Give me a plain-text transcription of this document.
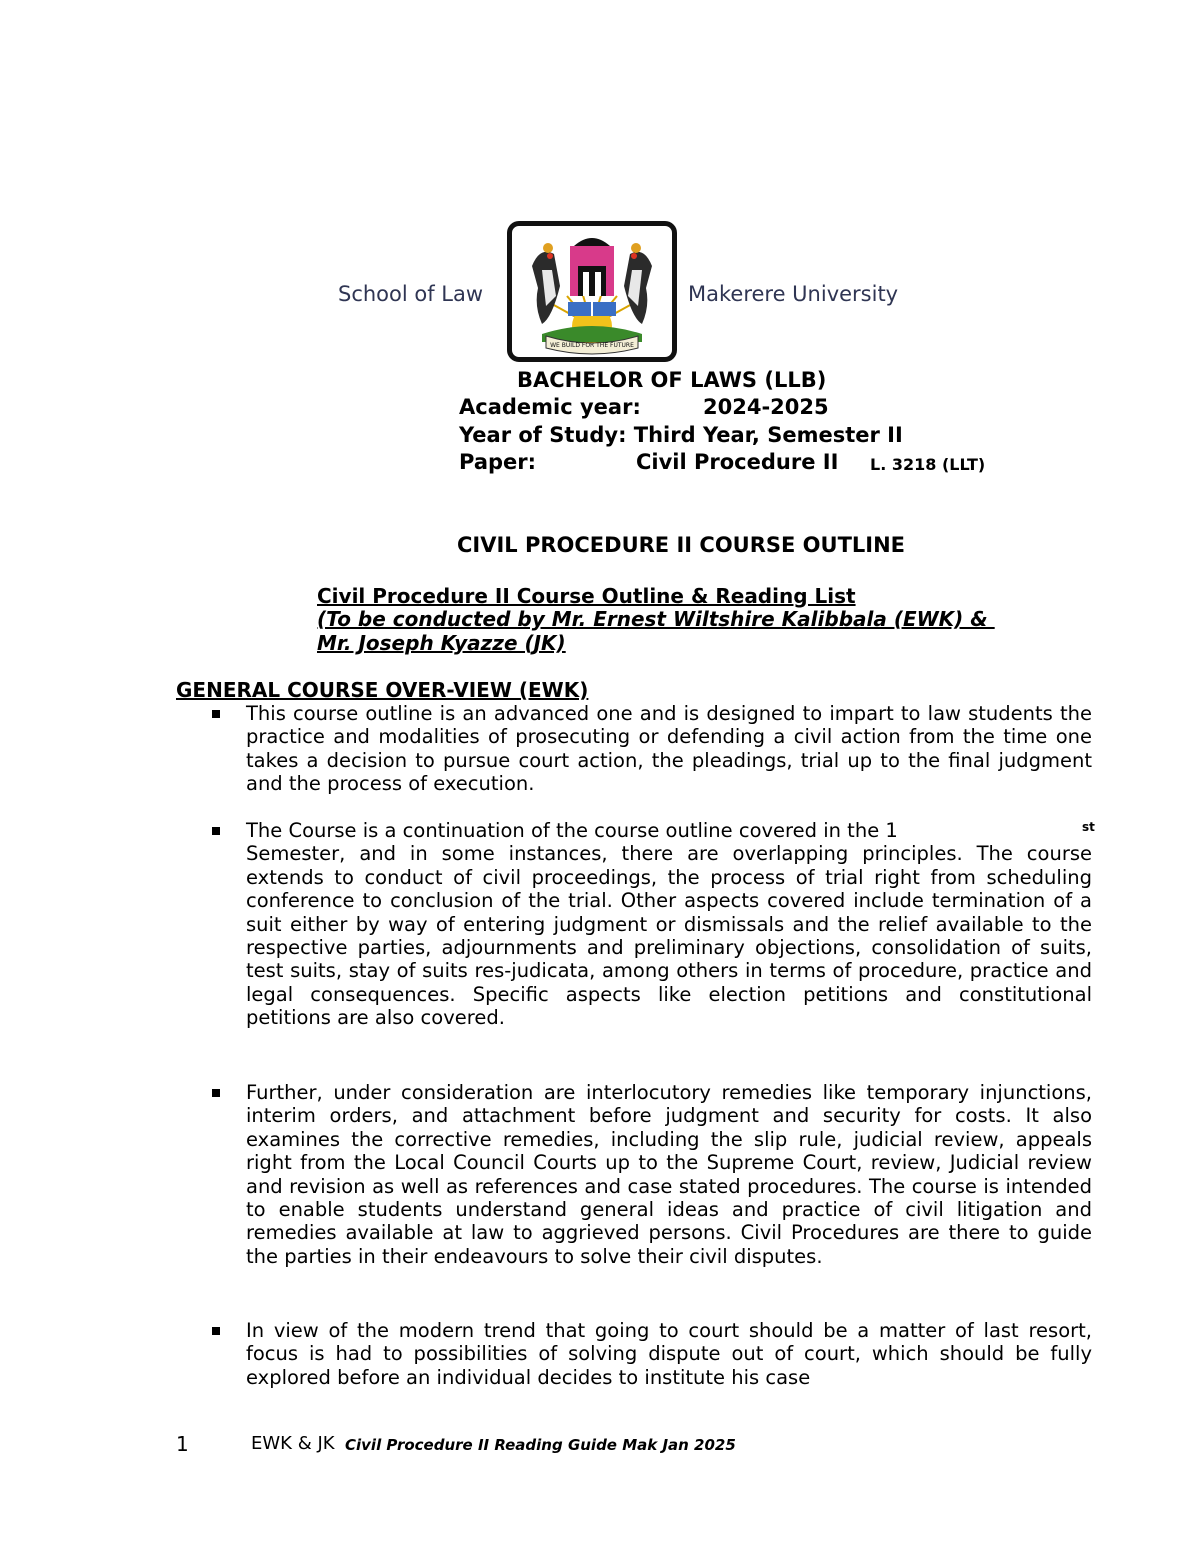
School of Law
WE BUILD FOR THE FUTURE
Makerere University
BACHELOR OF LAWS (LLB)
Academic year:	2024-2025
Year of Study: Third Year, Semester II
Paper:	Civil Procedure II L. 3218 (LLT)
CIVIL PROCEDURE II COURSE OUTLINE
Civil Procedure II Course Outline & Reading List
(To be conducted by Mr. Ernest Wiltshire Kalibbala (EWK) &
Mr. Joseph Kyazze (JK)
GENERAL COURSE OVER-VIEW (EWK)
This course outline is an advanced one and is designed to impart to law students the practice and modalities of prosecuting or defending a civil action from the time one takes a decision to pursue court action, the pleadings, trial up to the final judgment and the process of execution.
The Course is a continuation of the course outline covered in the 1
Semester, and in some instances, there are overlapping principles. The course extends to conduct of civil proceedings, the process of trial right from scheduling conference to conclusion of the trial. Other aspects covered include termination of a suit either by way of entering judgment or dismissals and the relief available to the respective parties, adjournments and preliminary objections, consolidation of suits, test suits, stay of suits res-judicata, among others in terms of procedure, practice and legal consequences. Specific aspects like election petitions and constitutional petitions are also covered.
st
Further, under consideration are interlocutory remedies like temporary injunctions, interim orders, and attachment before judgment and security for costs. It also examines the corrective remedies, including the slip rule, judicial review, appeals right from the Local Council Courts up to the Supreme Court, review, Judicial review and revision as well as references and case stated procedures. The course is intended to enable students understand general ideas and practice of civil litigation and remedies available at law to aggrieved persons. Civil Procedures are there to guide the parties in their endeavours to solve their civil disputes.
In view of the modern trend that going to court should be a matter of last resort, focus is had to possibilities of solving dispute out of court, which should be fully explored before an individual decides to institute his case
1	EWK & JK Civil Procedure II Reading Guide Mak Jan 2025
